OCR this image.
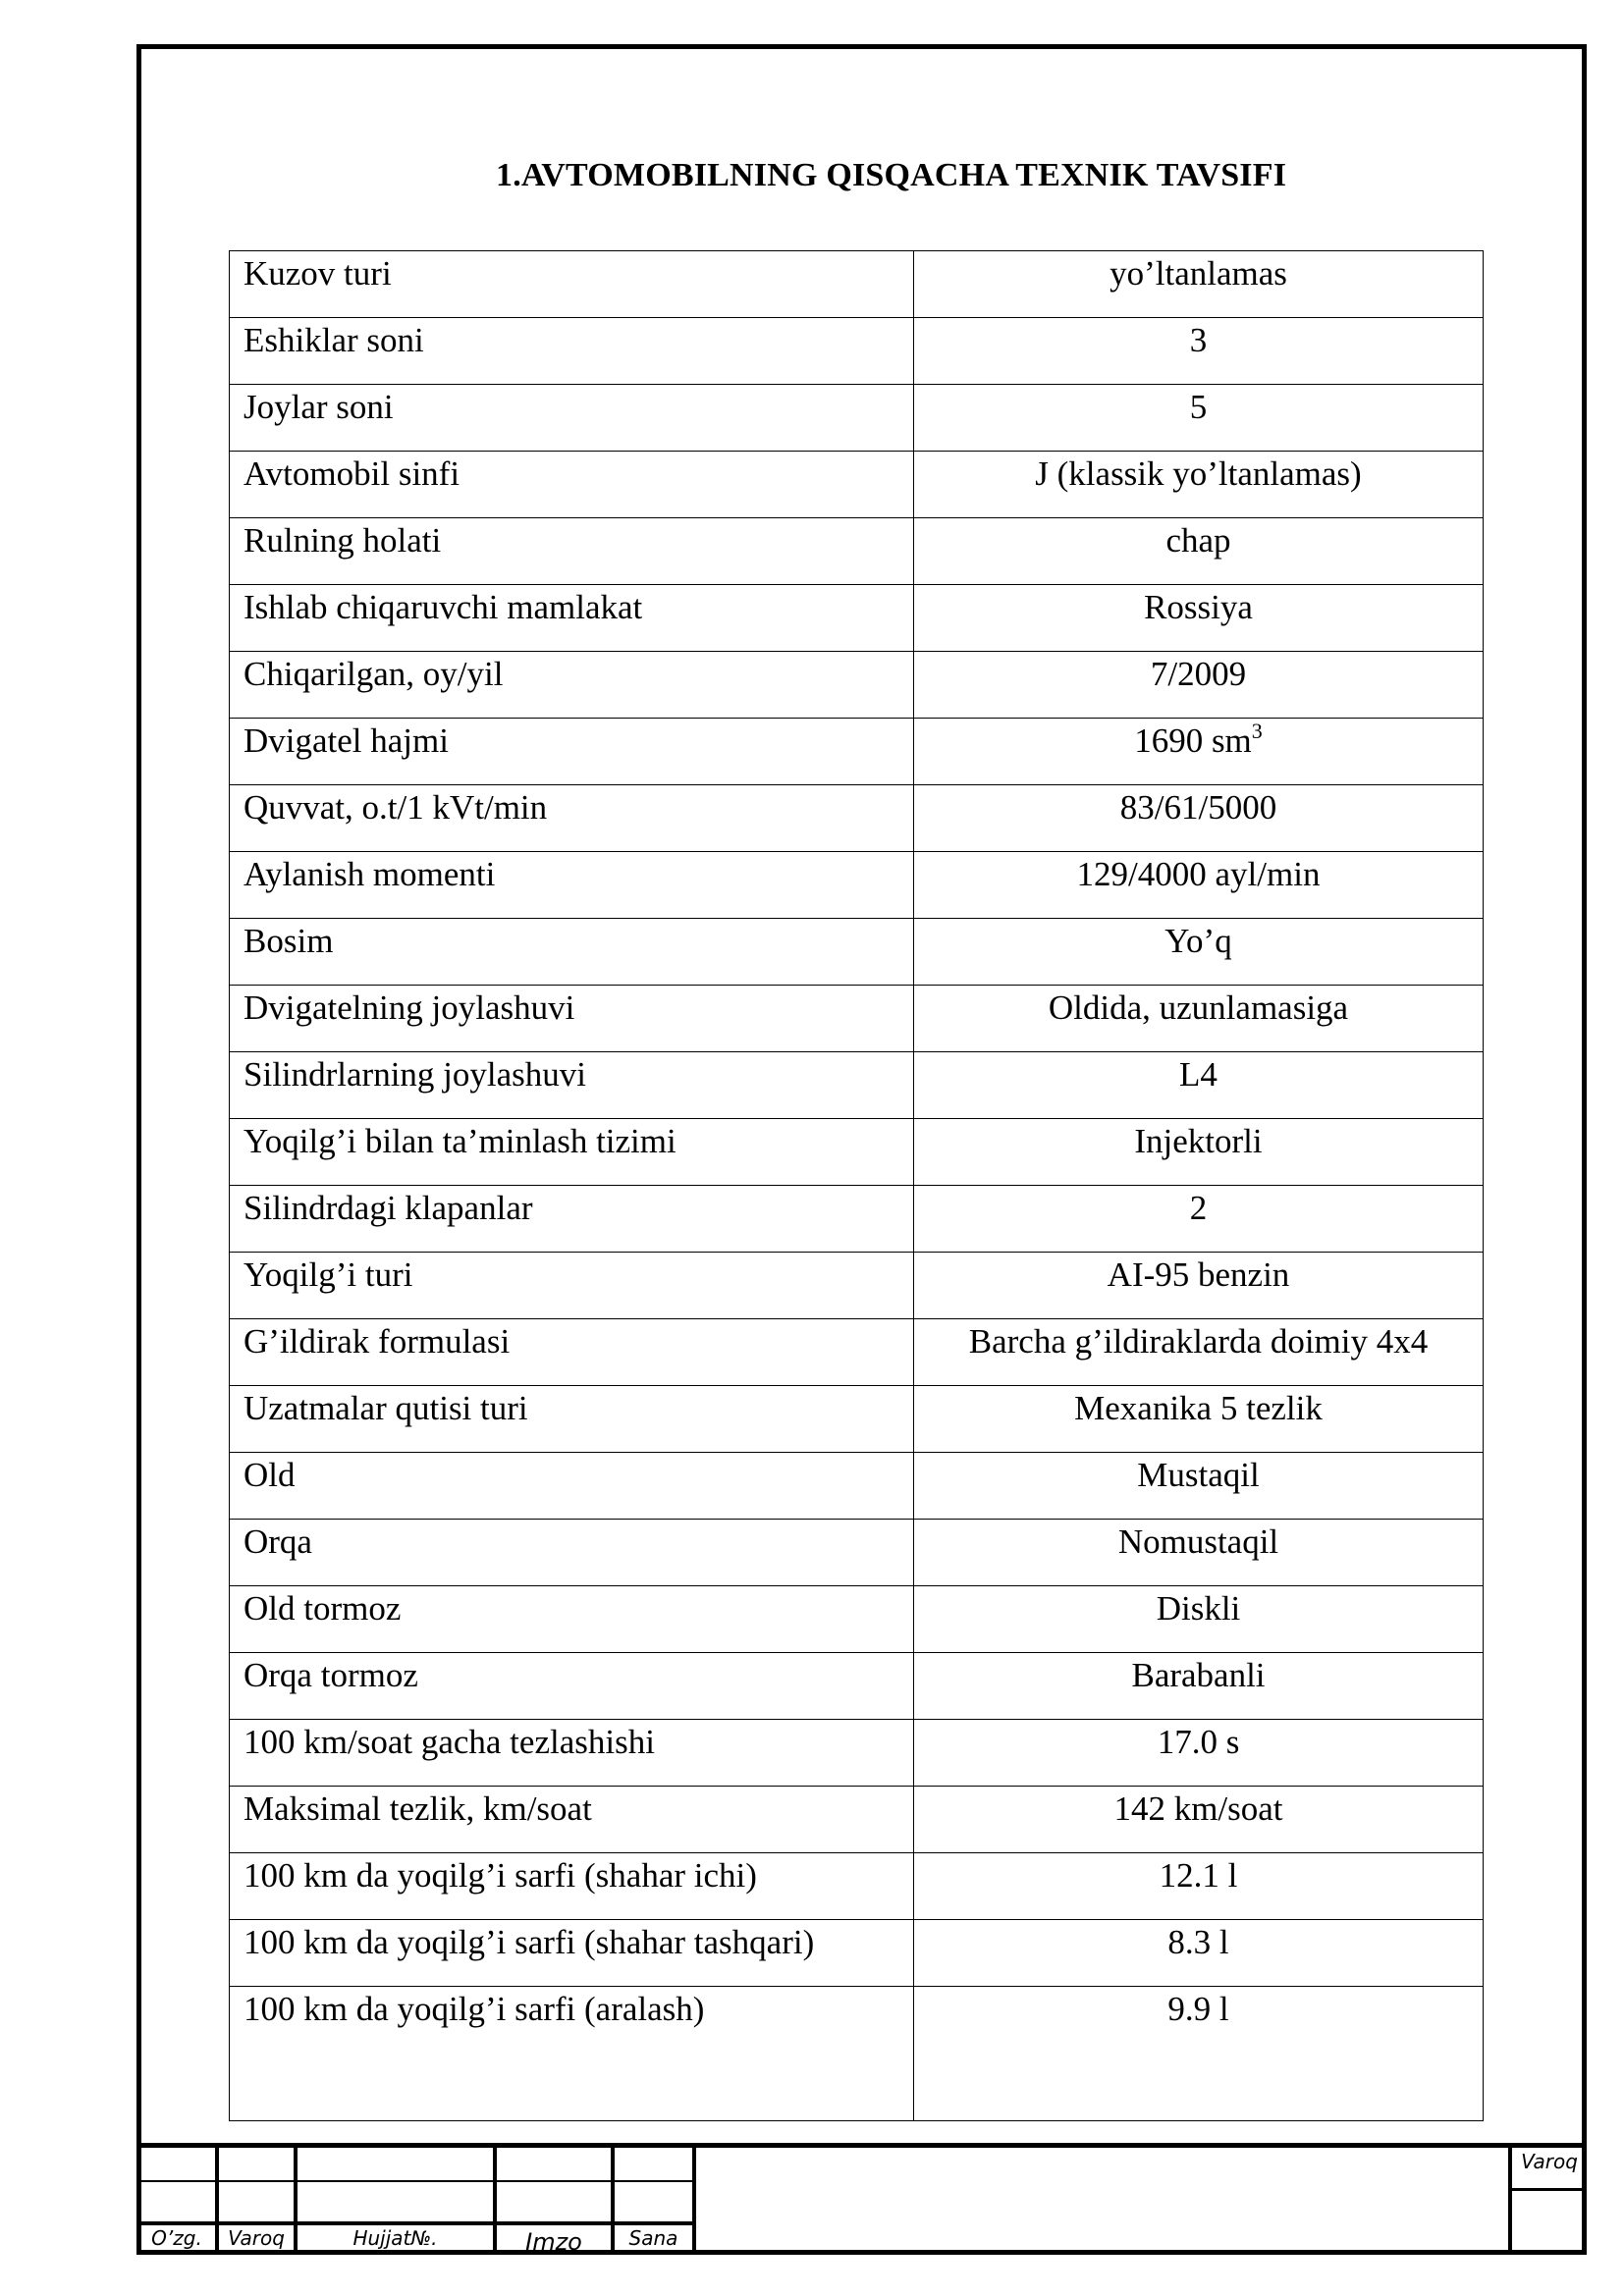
1.AVTOMOBILNING QISQACHA TEXNIK TAVSIFI
Kuzov turi	yo’ltanlamas
Eshiklar soni	3
Joylar soni	5
Avtomobil sinfi	J (klassik yo’ltanlamas)
Rulning holati	chap
Ishlab chiqaruvchi mamlakat	Rossiya
Chiqarilgan, oy/yil	7/2009
Dvigatel hajmi	1690 $sm^3$
Quvvat, o.t/1 kVt/min	83/61/5000
Aylanish momenti	129/4000 ayl/min
Bosim	Yo’q
Dvigatelning joylashuvi	Oldida, uzunlamasiga
Silindrlarning joylashuvi	L4
Yoqilg’i bilan ta’minlash tizimi	Injektorli
Silindrdagi klapanlar	2
Yoqilg’i turi	AI-95 benzin
G’ildirak formulasi	Barcha g’ildiraklarda doimiy 4x4
Uzatmalar qutisi turi	Mexanika 5 tezlik
Old	Mustaqil
Orqa	Nomustaqil
Old tormoz	Diskli
Orqa tormoz	Barabanli
100 km/soat gacha tezlashishi	17.0 s
Maksimal tezlik, km/soat	142 km/soat
100 km da yoqilg’i sarfi (shahar ichi)	12.1 l
100 km da yoqilg’i sarfi (shahar tashqari)	8.3 l
100 km da yoqilg’i sarfi (aralash)	9.9 l
O’zg.	Varoq	Hujjat№.	Imzo	Sana
Varoq
